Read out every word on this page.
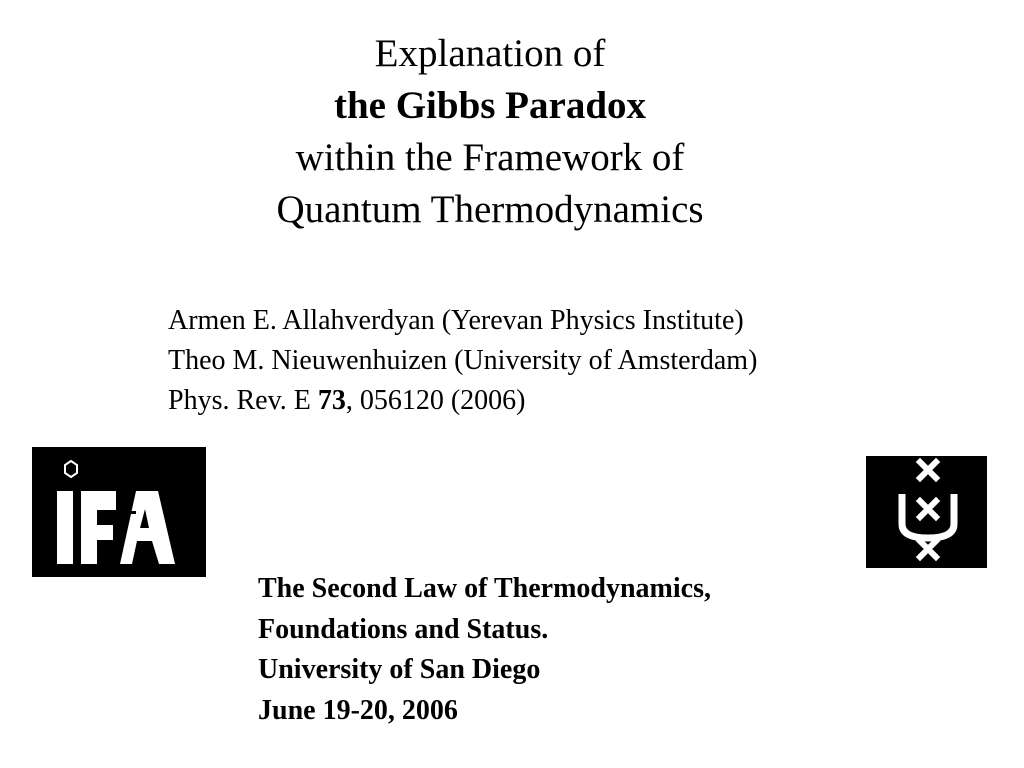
Explanation of
the Gibbs Paradox
within the Framework of
Quantum Thermodynamics
Armen E. Allahverdyan (Yerevan Physics Institute)
Theo M. Nieuwenhuizen (University of Amsterdam)
Phys. Rev. E 73, 056120 (2006)
The Second Law of Thermodynamics,
Foundations and Status.
University of San Diego
June 19-20, 2006
